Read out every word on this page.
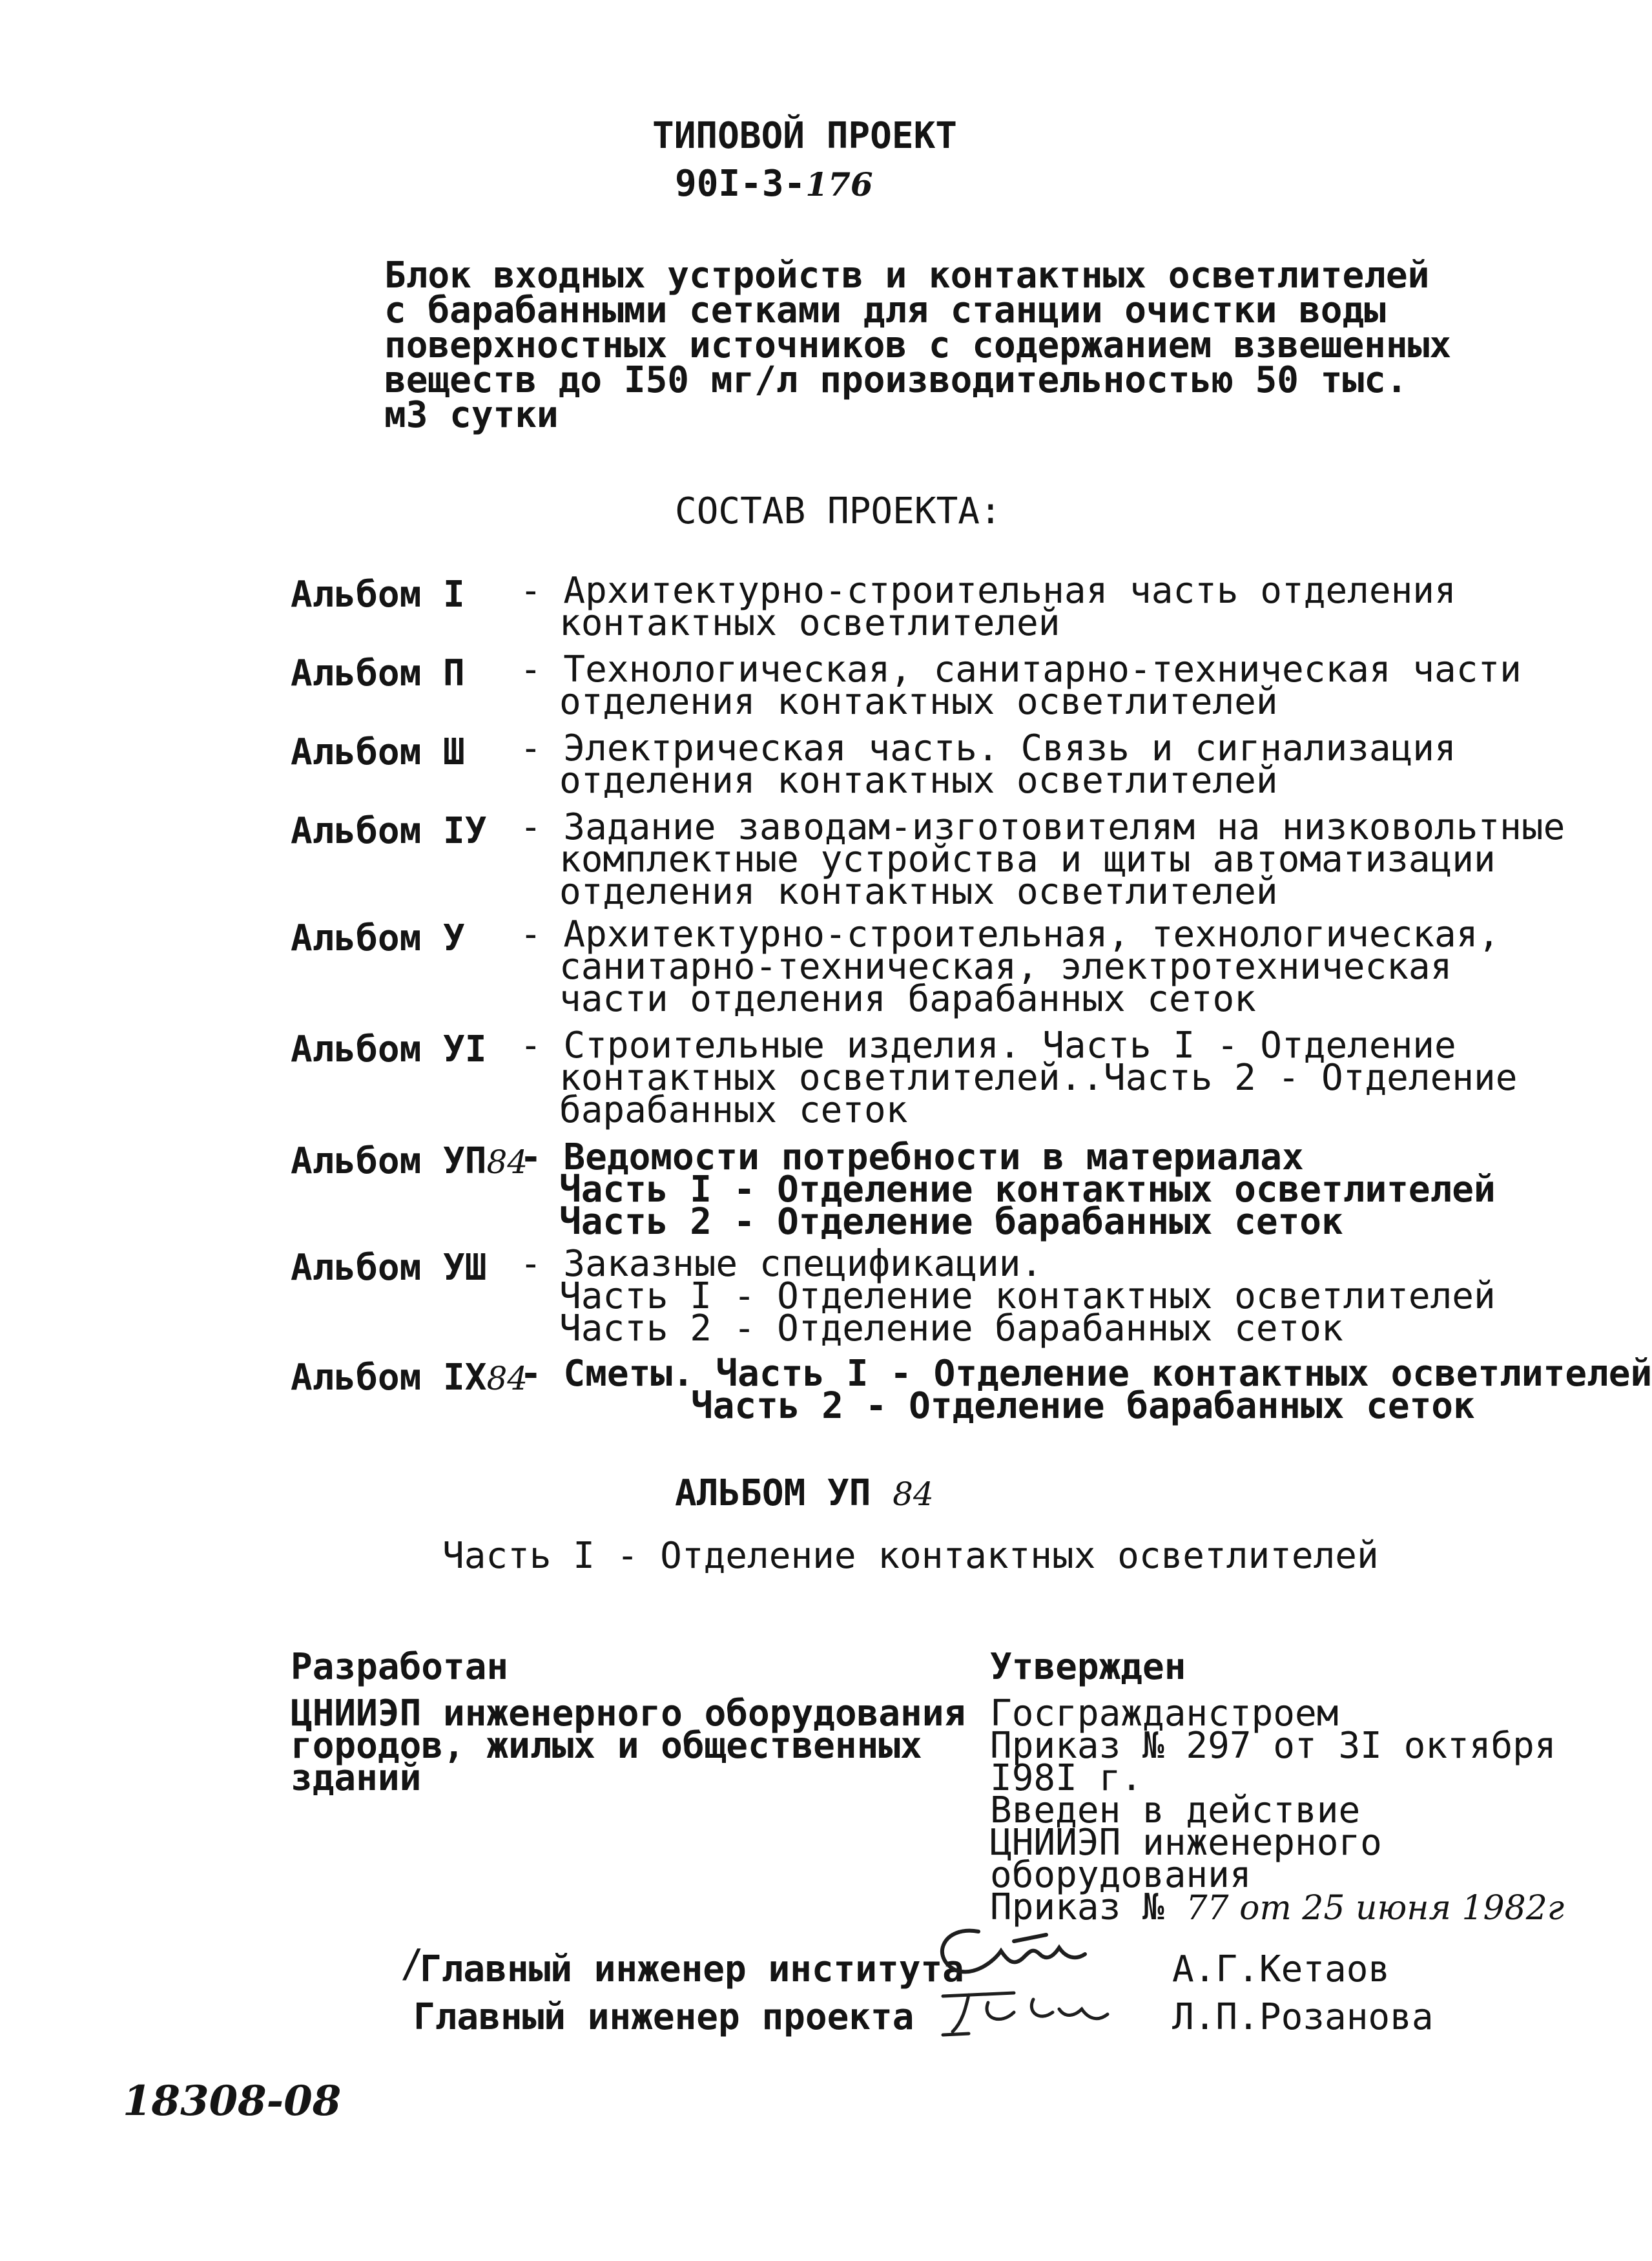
ТИПОВОЙ ПРОЕКТ
90I-3-176
Блок входных устройств и контактных осветлителей
с барабанными сетками для станции очистки воды
поверхностных источников с содержанием взвешенных
веществ до I50 мг/л производительностью 50 тыс.
м3 сутки
СОСТАВ ПРОЕКТА:
Альбом I - Архитектурно-строительная часть отделения
контактных осветлителей
Альбом П - Технологическая, санитарно-техническая части
отделения контактных осветлителей
Альбом Ш - Электрическая часть. Связь и сигнализация
отделения контактных осветлителей
Альбом IУ - Задание заводам-изготовителям на низковольтные
комплектные устройства и щиты автоматизации
отделения контактных осветлителей
Альбом У - Архитектурно-строительная, технологическая,
санитарно-техническая, электротехническая
части отделения барабанных сеток
Альбом УI - Строительные изделия. Часть I - Отделение
контактных осветлителей..Часть 2 - Отделение
барабанных сеток
Альбом УП84
- Ведомости потребности в материалах
Часть I - Отделение контактных осветлителей
Часть 2 - Отделение барабанных сеток
Альбом УШ - Заказные спецификации.
Часть I - Отделение контактных осветлителей
Часть 2 - Отделение барабанных сеток
Альбом IX84
- Сметы. Часть I - Отделение контактных осветлителей
Часть 2 - Отделение барабанных сеток
АЛЬБОМ УП 84
Часть I - Отделение контактных осветлителей
Разработан
ЦНИИЭП инженерного оборудования
городов, жилых и общественных
зданий
Утвержден
Госгражданстроем
Приказ № 297 от 3I октября
I98I г.
Введен в действие
ЦНИИЭП инженерного
оборудования
Приказ № 77 от 25 июня 1982г
/
Главный инженер института	А.Г.Кетаов
Главный инженер проекта	Л.П.Розанова
18308-08
